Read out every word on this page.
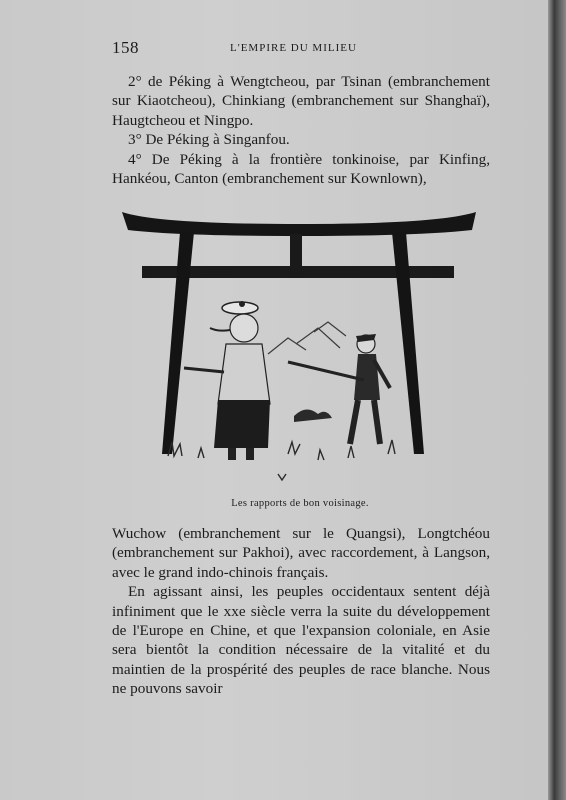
158	L'EMPIRE DU MILIEU

2° de Péking à Wengtcheou, par Tsinan (embranchement sur Kiaotcheou), Chinkiang (embranchement sur Shanghaï), Haugtcheou et Ningpo.

3° De Péking à Singanfou.

4° De Péking à la frontière tonkinoise, par Kinfing, Hankéou, Canton (embranchement sur Kownlown),

Les rapports de bon voisinage.

Wuchow (embranchement sur le Quangsi), Longtchéou (embranchement sur Pakhoi), avec raccordement, à Langson, avec le grand indo-chinois français.

En agissant ainsi, les peuples occidentaux sentent déjà infiniment que le xxe siècle verra la suite du développement de l'Europe en Chine, et que l'expansion coloniale, en Asie sera bientôt la condition nécessaire de la vitalité et du maintien de la prospérité des peuples de race blanche. Nous ne pouvons savoir
